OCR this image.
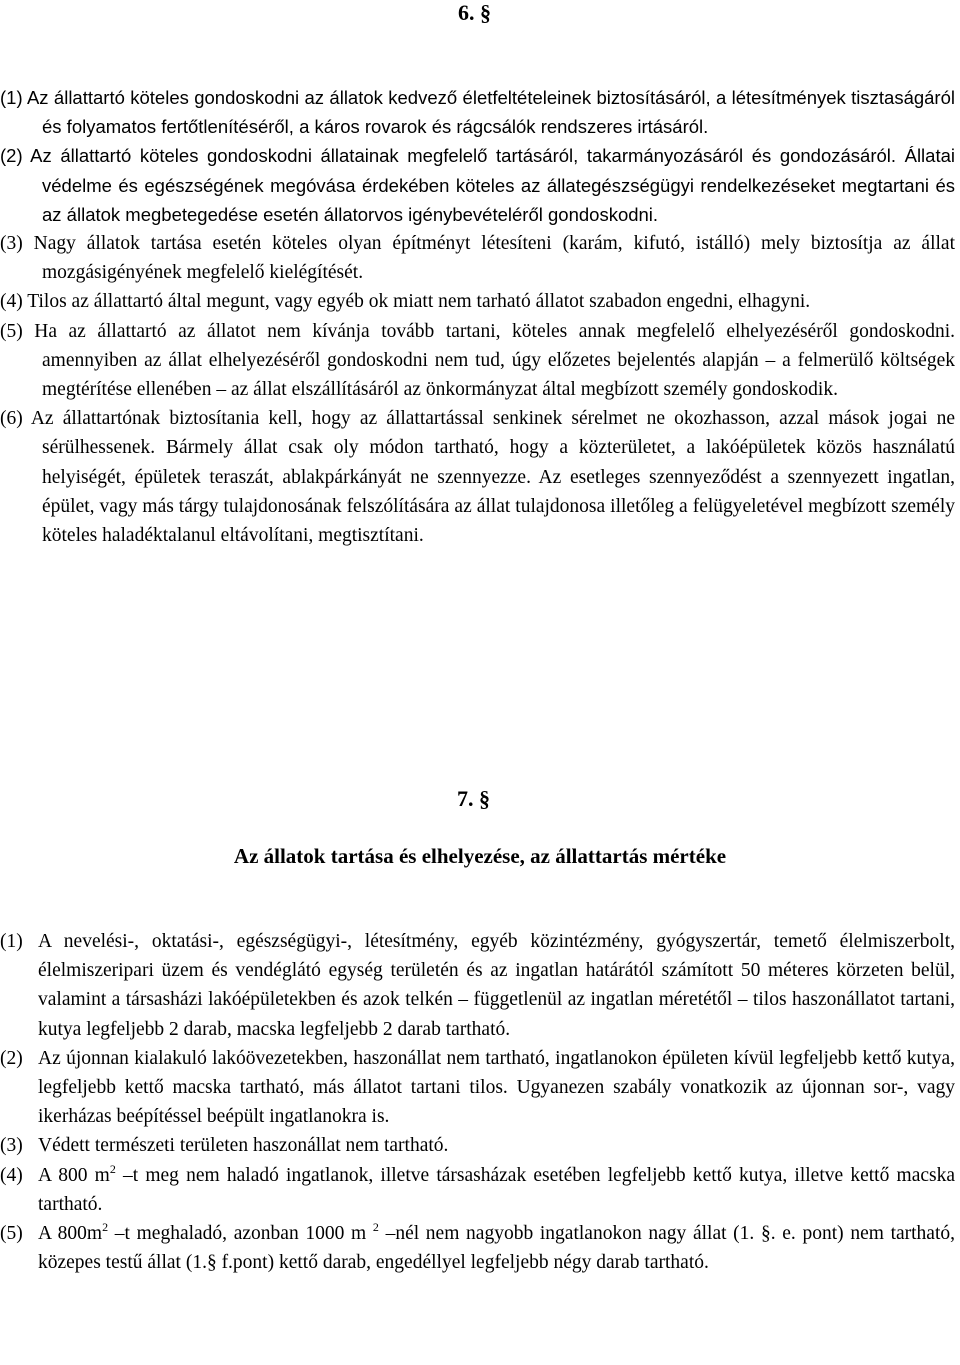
6. §

(1) Az állattartó köteles gondoskodni az állatok kedvező életfeltételeinek biztosításáról, a létesítmények tisztaságáról és folyamatos fertőtlenítéséről, a káros rovarok és rágcsálók rendszeres irtásáról.

(2) Az állattartó köteles gondoskodni állatainak megfelelő tartásáról, takarmányozásáról és gondozásáról. Állatai védelme és egészségének megóvása érdekében köteles az állategészségügyi rendelkezéseket megtartani és az állatok megbetegedése esetén állatorvos igénybevételéről gondoskodni.

(3) Nagy állatok tartása esetén köteles olyan építményt létesíteni (karám, kifutó, istálló) mely biztosítja az állat mozgásigényének megfelelő kielégítését.

(4) Tilos az állattartó által megunt, vagy egyéb ok miatt nem tarható állatot szabadon engedni, elhagyni.

(5) Ha az állattartó az állatot nem kívánja tovább tartani, köteles annak megfelelő elhelyezéséről gondoskodni. amennyiben az állat elhelyezéséről gondoskodni nem tud, úgy előzetes bejelentés alapján – a felmerülő költségek megtérítése ellenében – az állat elszállításáról az önkormányzat által megbízott személy gondoskodik.

(6) Az állattartónak biztosítania kell, hogy az állattartással senkinek sérelmet ne okozhasson, azzal mások jogai ne sérülhessenek. Bármely állat csak oly módon tartható, hogy a közterületet, a lakóépületek közös használatú helyiségét, épületek teraszát, ablakpárkányát ne szennyezze. Az esetleges szennyeződést a szennyezett ingatlan, épület, vagy más tárgy tulajdonosának felszólítására az állat tulajdonosa illetőleg a felügyeletével megbízott személy köteles haladéktalanul eltávolítani, megtisztítani.

7. §
Az állatok tartása és elhelyezése, az állattartás mértéke
(1) A nevelési-, oktatási-, egészségügyi-, létesítmény, egyéb közintézmény, gyógyszertár, temető élelmiszerbolt, élelmiszeripari üzem és vendéglátó egység területén és az ingatlan határától számított 50 méteres körzeten belül, valamint a társasházi lakóépületekben és azok telkén – függetlenül az ingatlan méretétől – tilos haszonállatot tartani, kutya legfeljebb 2 darab, macska legfeljebb 2 darab tartható.
(2) Az újonnan kialakuló lakóövezetekben, haszonállat nem tartható, ingatlanokon épületen kívül legfeljebb kettő kutya, legfeljebb kettő macska tartható, más állatot tartani tilos. Ugyanezen szabály vonatkozik az újonnan sor-, vagy ikerházas beépítéssel beépült ingatlanokra is.
(3) Védett természeti területen haszonállat nem tartható.
(4) A 800 $m^2$ –t meg nem haladó ingatlanok, illetve társasházak esetében legfeljebb kettő kutya, illetve kettő macska tartható.
(5) A $800m^2$ –t meghaladó, azonban 1000 m $^2$ –nél nem nagyobb ingatlanokon nagy állat (1. §. e. pont) nem tartható, közepes testű állat (1.§ f.pont) kettő darab, engedéllyel legfeljebb négy darab tartható.
